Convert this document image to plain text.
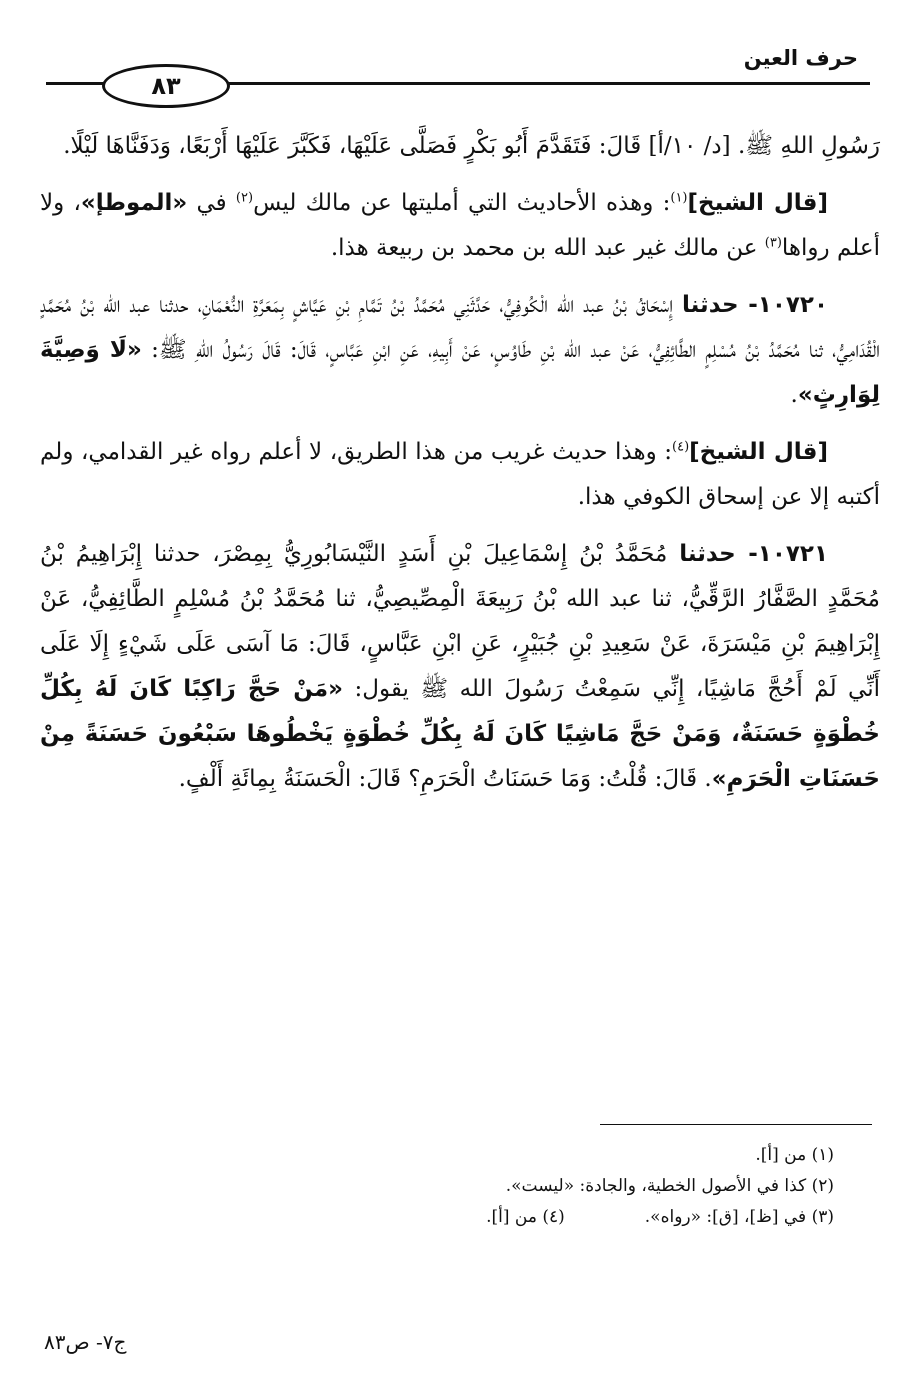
٨٣
حرف العين

رَسُولِ اللهِ ﷺ. [د/ ١٠/أ] قَالَ: فَتَقَدَّمَ أَبُو بَكْرٍ فَصَلَّى عَلَيْهَا، فَكَبَّرَ عَلَيْهَا أَرْبَعًا، وَدَفَنَّاهَا لَيْلًا.

[قال الشيخ]$^{(١)}$: وهذه الأحاديث التي أمليتها عن مالك ليس$^{(٢)}$ في «الموطإ»، ولا أعلم رواها$^{(٣)}$ عن مالك غير عبد الله بن محمد بن ربيعة هذا.

١٠٧٢٠- حدثنا إِسْحَاقُ بْنُ عبد الله الْكُوفِيُّ، حَدَّثَنِي مُحَمَّدُ بْنُ تَمَّامِ بْنِ عَيَّاشٍ بِمَعَرَّةِ النُّعْمَانِ، حدثنا عبد الله بْنُ مُحَمَّدٍ الْقُدَامِيُّ، ثنا مُحَمَّدُ بْنُ مُسْلِمٍ الطَّائِفِيُّ، عَنْ عبد الله بْنِ طَاوُسٍ، عَنْ أَبِيهِ، عَنِ ابْنِ عَبَّاسٍ، قَالَ: قَالَ رَسُولُ اللهِ ﷺ: «لَا وَصِيَّةَ لِوَارِثٍ».

[قال الشيخ]$^{(٤)}$: وهذا حديث غريب من هذا الطريق، لا أعلم رواه غير القدامي، ولم أكتبه إلا عن إسحاق الكوفي هذا.

١٠٧٢١- حدثنا مُحَمَّدُ بْنُ إِسْمَاعِيلَ بْنِ أَسَدٍ النَّيْسَابُورِيُّ بِمِصْرَ، حدثنا إِبْرَاهِيمُ بْنُ مُحَمَّدٍ الصَّفَّارُ الرَّقِّيُّ، ثنا عبد الله بْنُ رَبِيعَةَ الْمِصِّيصِيُّ، ثنا مُحَمَّدُ بْنُ مُسْلِمٍ الطَّائِفِيُّ، عَنْ إِبْرَاهِيمَ بْنِ مَيْسَرَةَ، عَنْ سَعِيدِ بْنِ جُبَيْرٍ، عَنِ ابْنِ عَبَّاسٍ، قَالَ: مَا آسَى عَلَى شَيْءٍ إِلَا عَلَى أَنِّي لَمْ أَحُجَّ مَاشِيًا، إِنِّي سَمِعْتُ رَسُولَ الله ﷺ يقول: «مَنْ حَجَّ رَاكِبًا كَانَ لَهُ بِكُلِّ خُطْوَةٍ حَسَنَةٌ، وَمَنْ حَجَّ مَاشِيًا كَانَ لَهُ بِكُلِّ خُطْوَةٍ يَخْطُوهَا سَبْعُونَ حَسَنَةً مِنْ حَسَنَاتِ الْحَرَمِ». قَالَ: قُلْتُ: وَمَا حَسَنَاتُ الْحَرَمِ؟ قَالَ: الْحَسَنَةُ بِمِائَةِ أَلْفٍ.

(١) من [أ].

(٢) كذا في الأصول الخطية، والجادة: «ليست».

(٣) في [ظ]، [ق]: «رواه».
(٤) من [أ].
ج٧- ص٨٣
